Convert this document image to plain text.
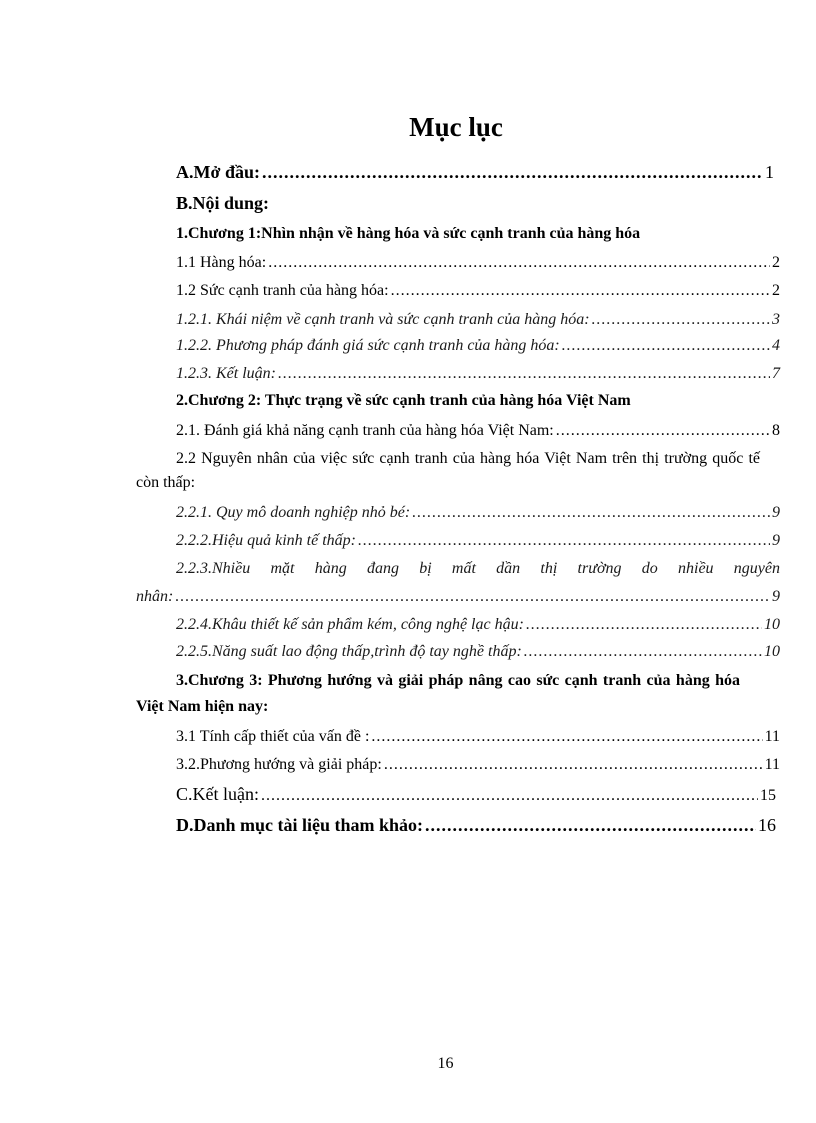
Mục lục
A.Mở đầu: .....	1
B.Nội dung:
1.Chương 1:Nhìn nhận về hàng hóa và sức cạnh tranh của hàng hóa
1.1 Hàng hóa: .....	2
1.2 Sức cạnh tranh của hàng hóa: .....	2
1.2.1. Khái niệm về cạnh tranh và sức cạnh tranh của hàng hóa: .....	3
1.2.2. Phương pháp đánh giá sức cạnh tranh của hàng hóa: .....	4
1.2.3. Kết luận: .....	7
2.Chương 2: Thực trạng về sức cạnh tranh của hàng hóa Việt Nam
2.1. Đánh giá khả năng cạnh tranh của hàng hóa Việt Nam: .....	8
2.2 Nguyên nhân của việc sức cạnh tranh của hàng hóa Việt Nam trên thị trường quốc tế còn thấp:
2.2.1. Quy mô doanh nghiệp nhỏ bé: .....	9
2.2.2.Hiệu quả kinh tế thấp: .....	9
2.2.3.Nhiều mặt hàng đang bị mất dần thị trường do nhiều nguyên
nhân: .....	9
2.2.4.Khâu thiết kế sản phẩm kém, công nghệ lạc hậu: .....	10
2.2.5.Năng suất lao động thấp,trình độ tay nghề thấp: .....	10
3.Chương 3: Phương hướng và giải pháp nâng cao sức cạnh tranh của hàng hóa Việt Nam hiện nay:
3.1 Tính cấp thiết của vấn đề : .....	11
3.2.Phương hướng và giải pháp: .....	11
C.Kết luận: .....	15
D.Danh mục tài liệu tham khảo: .....	16
16
